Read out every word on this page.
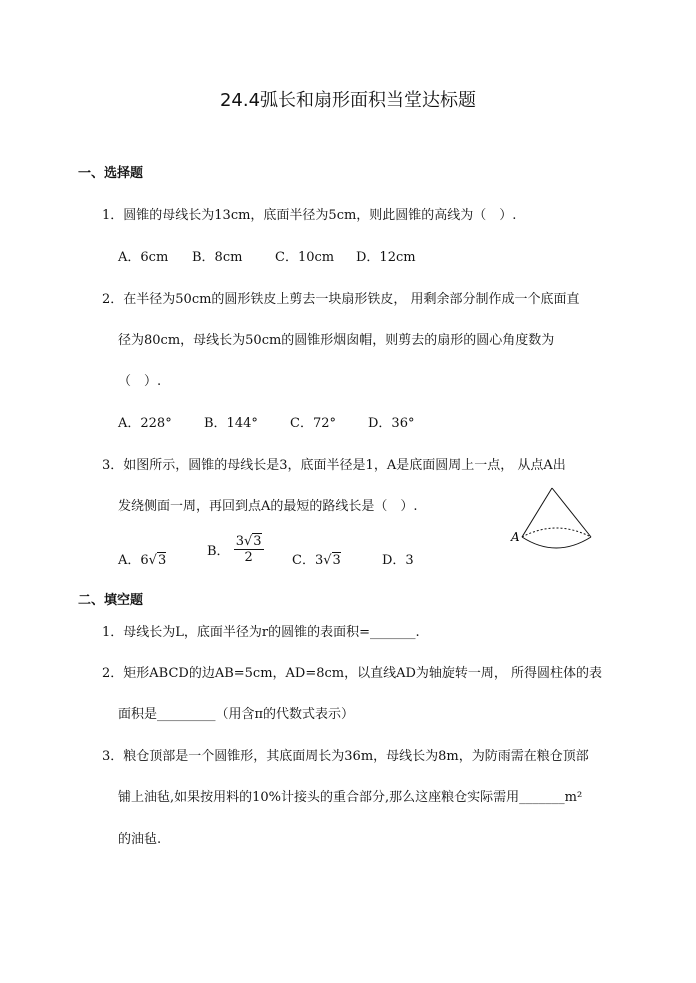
24.4弧长和扇形面积当堂达标题
一、选择题
1．圆锥的母线长为13cm，底面半径为5cm，则此圆锥的高线为（　）.
A．6cm B．8cm	C．10cm D．12cm
2．在半径为50cm的圆形铁皮上剪去一块扇形铁皮， 用剩余部分制作成一个底面直
径为80cm，母线长为50cm的圆锥形烟囱帽，则剪去的扇形的圆心角度数为
（　）.
A．228° B．144° C．72° D．36°
3．如图所示，圆锥的母线长是3，底面半径是1，A是底面圆周上一点， 从点A出
发绕侧面一周，再回到点A的最短的路线长是（　）.
A．6√3
B． $\frac{3√3}{2}$ C．3√3	D．3
A
二、填空题
1．母线长为L，底面半径为r的圆锥的表面积=_______.
2．矩形ABCD的边AB=5cm，AD=8cm，以直线AD为轴旋转一周， 所得圆柱体的表
面积是_________（用含π的代数式表示）
3．粮仓顶部是一个圆锥形，其底面周长为36m，母线长为8m，为防雨需在粮仓顶部
铺上油毡,如果按用料的10%计接头的重合部分,那么这座粮仓实际需用_______m²
的油毡.
